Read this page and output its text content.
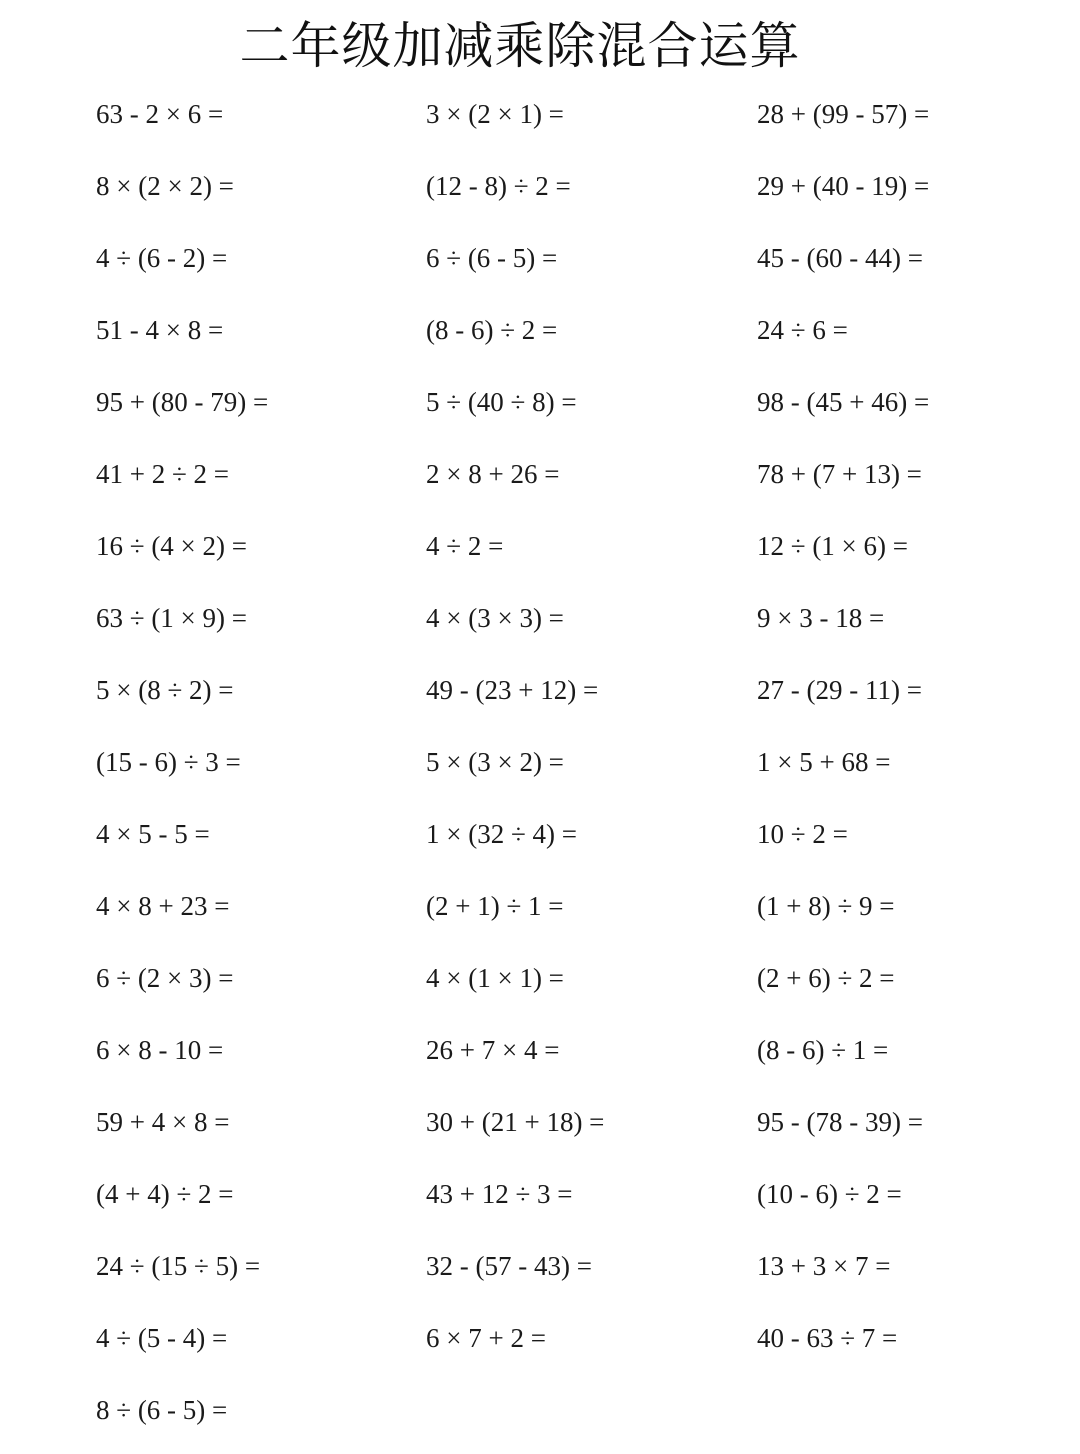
二年级加减乘除混合运算
63 - 2 × 6 =
8 × (2 × 2) =
4 ÷ (6 - 2) =
51 - 4 × 8 =
95 + (80 - 79) =
41 + 2 ÷ 2 =
16 ÷ (4 × 2) =
63 ÷ (1 × 9) =
5 × (8 ÷ 2) =
(15 - 6) ÷ 3 =
4 × 5 - 5 =
4 × 8 + 23 =
6 ÷ (2 × 3) =
6 × 8 - 10 =
59 + 4 × 8 =
(4 + 4) ÷ 2 =
24 ÷ (15 ÷ 5) =
4 ÷ (5 - 4) =
8 ÷ (6 - 5) =
3 × (2 × 1) =
(12 - 8) ÷ 2 =
6 ÷ (6 - 5) =
(8 - 6) ÷ 2 =
5 ÷ (40 ÷ 8) =
2 × 8 + 26 =
4 ÷ 2 =
4 × (3 × 3) =
49 - (23 + 12) =
5 × (3 × 2) =
1 × (32 ÷ 4) =
(2 + 1) ÷ 1 =
4 × (1 × 1) =
26 + 7 × 4 =
30 + (21 + 18) =
43 + 12 ÷ 3 =
32 - (57 - 43) =
6 × 7 + 2 =
28 + (99 - 57) =
29 + (40 - 19) =
45 - (60 - 44) =
24 ÷ 6 =
98 - (45 + 46) =
78 + (7 + 13) =
12 ÷ (1 × 6) =
9 × 3 - 18 =
27 - (29 - 11) =
1 × 5 + 68 =
10 ÷ 2 =
(1 + 8) ÷ 9 =
(2 + 6) ÷ 2 =
(8 - 6) ÷ 1 =
95 - (78 - 39) =
(10 - 6) ÷ 2 =
13 + 3 × 7 =
40 - 63 ÷ 7 =
